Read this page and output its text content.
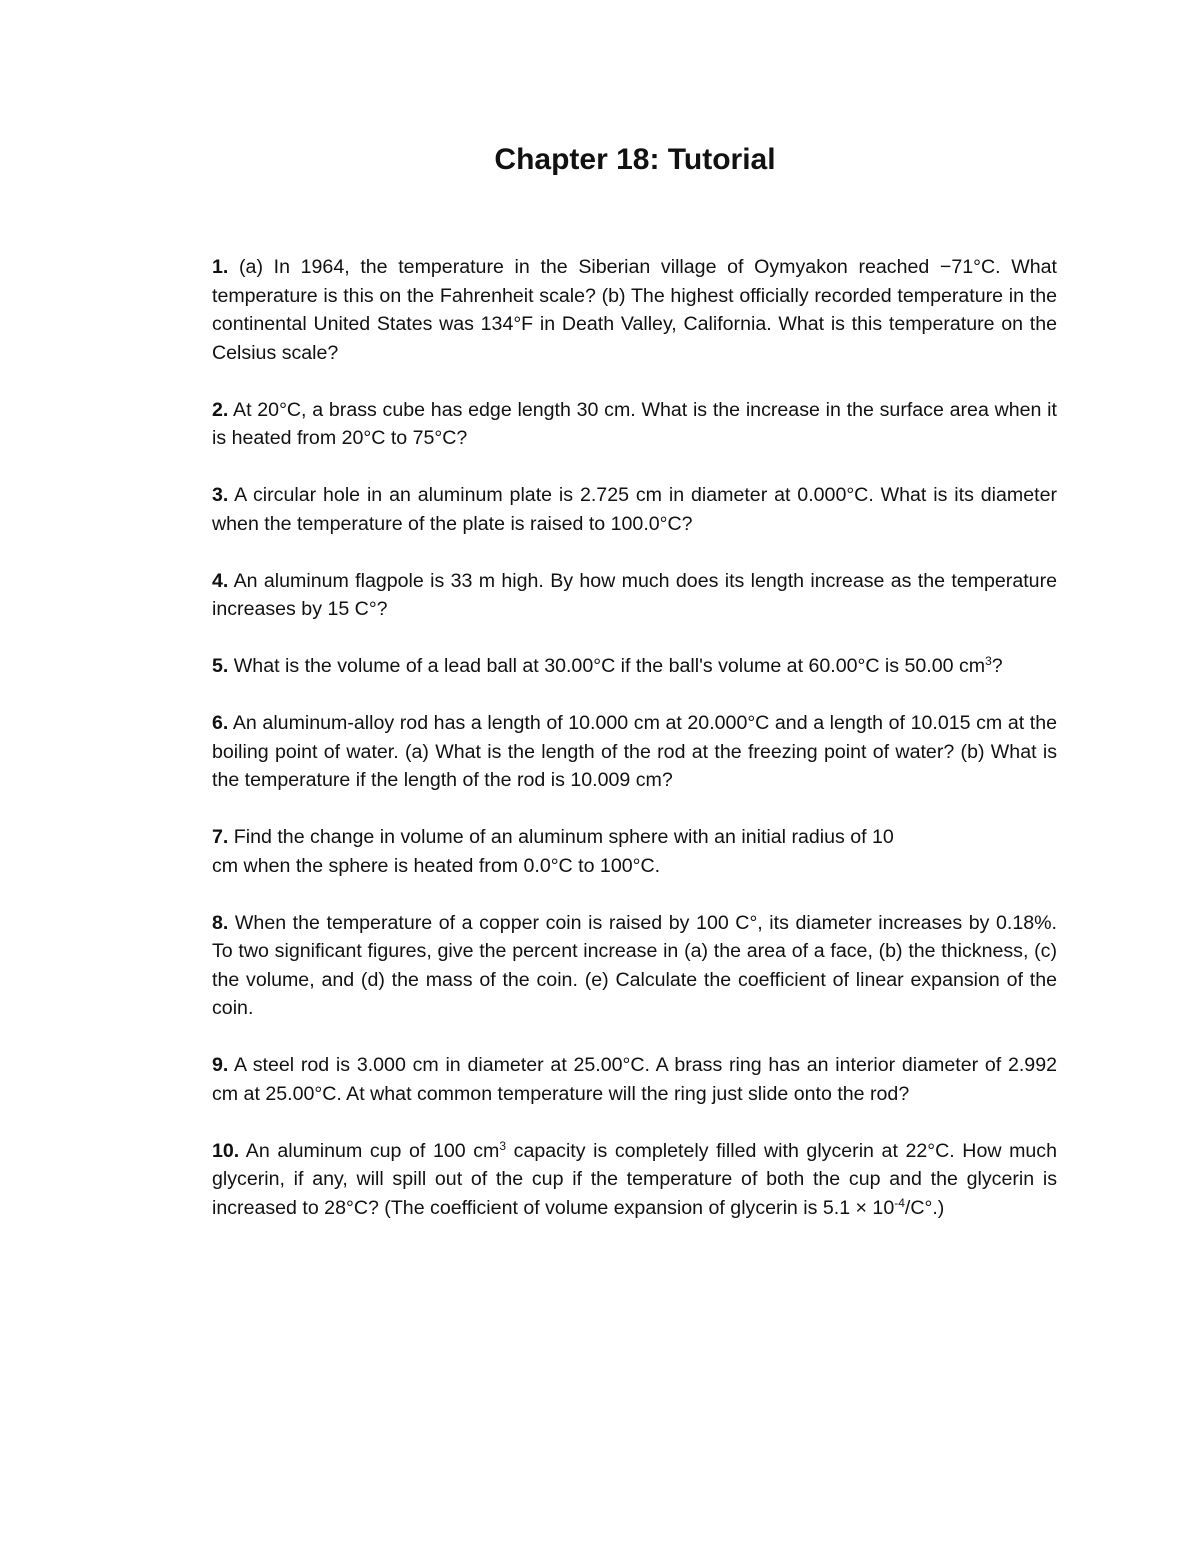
Chapter 18: Tutorial

1. (a) In 1964, the temperature in the Siberian village of Oymyakon reached −71°C. What temperature is this on the Fahrenheit scale? (b) The highest officially recorded temperature in the continental United States was 134°F in Death Valley, California. What is this temperature on the Celsius scale?

2. At 20°C, a brass cube has edge length 30 cm. What is the increase in the surface area when it is heated from 20°C to 75°C?

3. A circular hole in an aluminum plate is 2.725 cm in diameter at 0.000°C. What is its diameter when the temperature of the plate is raised to 100.0°C?

4. An aluminum flagpole is 33 m high. By how much does its length increase as the temperature increases by 15 C°?

5. What is the volume of a lead ball at 30.00°C if the ball's volume at 60.00°C is 50.00 $cm^3$?

6. An aluminum-alloy rod has a length of 10.000 cm at 20.000°C and a length of 10.015 cm at the boiling point of water. (a) What is the length of the rod at the freezing point of water? (b) What is the temperature if the length of the rod is 10.009 cm?

7. Find the change in volume of an aluminum sphere with an initial radius of 10
cm when the sphere is heated from 0.0°C to 100°C.

8. When the temperature of a copper coin is raised by 100 C°, its diameter increases by 0.18%. To two significant figures, give the percent increase in (a) the area of a face, (b) the thickness, (c) the volume, and (d) the mass of the coin. (e) Calculate the coefficient of linear expansion of the coin.

9. A steel rod is 3.000 cm in diameter at 25.00°C. A brass ring has an interior diameter of 2.992 cm at 25.00°C. At what common temperature will the ring just slide onto the rod?

10. An aluminum cup of 100 $cm^3$ capacity is completely filled with glycerin at 22°C. How much glycerin, if any, will spill out of the cup if the temperature of both the cup and the glycerin is increased to 28°C? (The coefficient of volume expansion of glycerin is $5.1 \times 10^{-4}/C^\circ$.)
